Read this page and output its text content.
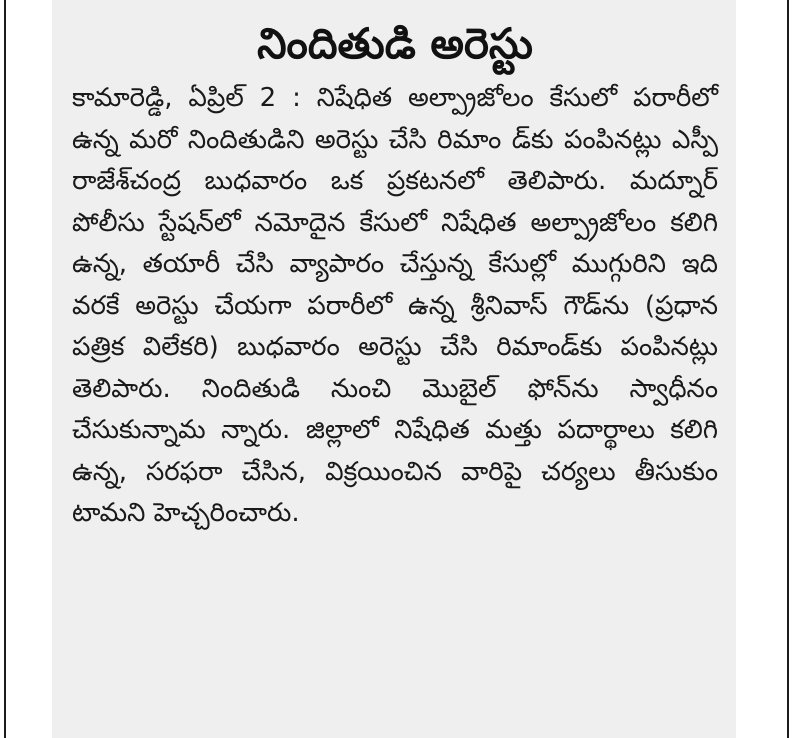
నిందితుడి అరెస్టు

కామారెడ్డి, ఏప్రిల్ 2 : నిషేధిత అల్ప్రాజోలం కేసులో పరారీలో ఉన్న మరో నిందితుడిని అరెస్టు చేసి రిమాం డ్‌కు పంపినట్లు ఎస్పీ రాజేశ్‌చంద్ర బుధవారం ఒక ప్రకటనలో తెలిపారు. మద్నూర్ పోలీసు స్టేషన్‌లో నమోదైన కేసులో నిషేధిత అల్ప్రాజోలం కలిగి ఉన్న, తయారీ చేసి వ్యాపారం చేస్తున్న కేసుల్లో ముగ్గురిని ఇది వరకే అరెస్టు చేయగా పరారీలో ఉన్న శ్రీనివాస్ గౌడ్‌ను (ప్రధాన పత్రిక విలేకరి) బుధవారం అరెస్టు చేసి రిమాండ్‌కు పంపినట్లు తెలిపారు. నిందితుడి నుంచి మొబైల్ ఫోన్‌ను స్వాధీనం చేసుకున్నామ న్నారు. జిల్లాలో నిషేధిత మత్తు పదార్థాలు కలిగి ఉన్న, సరఫరా చేసిన, విక్రయించిన వారిపై చర్యలు తీసుకుం టామని హెచ్చరించారు.
